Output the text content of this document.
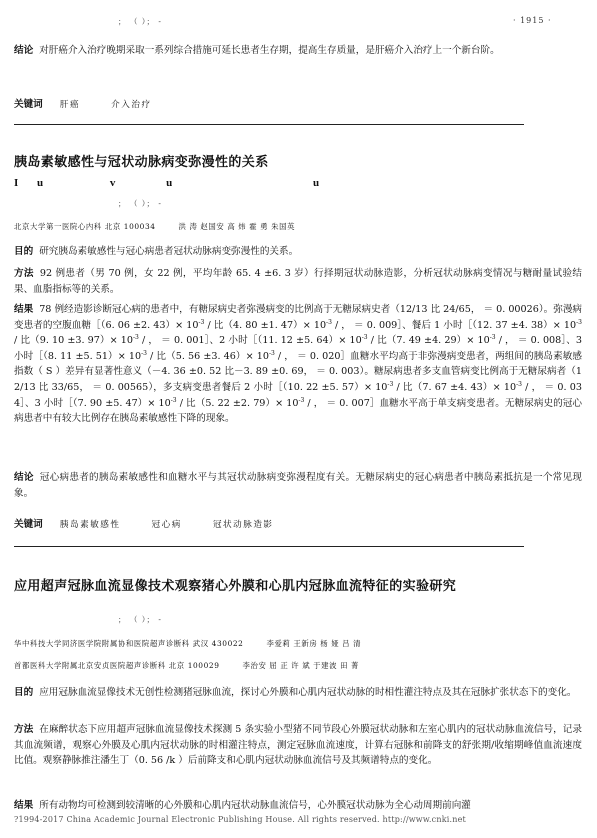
； （ ）； -	· 1915 ·
结论 对肝癌介入治疗晚期采取一系列综合措施可延长患者生存期，提高生存质量，是肝癌介入治疗上一个新台阶。
关键词 肝癌	介入治疗
胰岛素敏感性与冠状动脉病变弥漫性的关系
I u	v	u	u
； （ ）； -
北京大学第一医院心内科 北京 100034	洪 涛 赵国安 高 炜 霍 勇 朱国英
目的 研究胰岛素敏感性与冠心病患者冠状动脉病变弥漫性的关系。
方法 92 例患者（男 70 例，女 22 例，平均年龄 65. 4 ±6. 3 岁）行择期冠状动脉造影，分析冠状动脉病变情况与糖耐量试验结果、血脂指标等的关系。
结果 78 例经造影诊断冠心病的患者中，有糖尿病史者弥漫病变的比例高于无糖尿病史者（12/13 比 24/65， ＝ 0. 00026）。弥漫病变患者的空腹血糖［（6. 06 ±2. $43)\times 10^{-3}$ / 比（4. 80 ±1. $47)\times 10^{-3}$ / ， ＝ 0. 009］、餐后 1 小时［（12. 37 ±4. $38)\times 10^{-3}$ / 比（9. 10 ±3. $97)\times 10^{-3}$ / ， ＝ 0. 001］、2 小时［（11. 12 ±5. $64)\times 10^{-3}$ / 比（7. 49 ±4. $29)\times 10^{-3}$ / ， ＝ 0. 008］、3 小时［（8. 11 ±5. $51)\times 10^{-3}$ / 比（5. 56 ±3. $46)\times 10^{-3}$ / ， ＝ 0. 020］血糖水平均高于非弥漫病变患者，两组间的胰岛素敏感指数（ S ）差异有显著性意义（－4. 36 ±0. 52 比－3. 89 ±0. 69， ＝ 0. 003）。糖尿病患者多支血管病变比例高于无糖尿病者（12/13 比 33/65， ＝ 0. 00565），多支病变患者餐后 2 小时［（10. 22 ±5. $57)\times 10^{-3}$ / 比（7. 67 ±4. $43)\times 10^{-3}$ / ， ＝ 0. 034］、3 小时［（7. 90 ±5. $47)\times 10^{-3}$ / 比（5. 22 ±2. $79)\times 10^{-3}$ / ， ＝ 0. 007］血糖水平高于单支病变患者。无糖尿病史的冠心病患者中有较大比例存在胰岛素敏感性下降的现象。
结论 冠心病患者的胰岛素敏感性和血糖水平与其冠状动脉病变弥漫程度有关。无糖尿病史的冠心病患者中胰岛素抵抗是一个常见现象。
关键词 胰岛素敏感性	冠心病	冠状动脉造影
应用超声冠脉血流显像技术观察猪心外膜和心肌内冠脉血流特征的实验研究
； （ ）； -
华中科技大学同济医学院附属协和医院超声诊断科 武汉 430022	李爱莉 王新房 杨 娅 吕 清
首都医科大学附属北京安贞医院超声诊断科 北京 100029	李治安 屈 正 许 斌 于建波 田 菁
目的 应用冠脉血流显像技术无创性检测猪冠脉血流，探讨心外膜和心肌内冠状动脉的时相性灌注特点及其在冠脉扩张状态下的变化。
方法 在麻醉状态下应用超声冠脉血流显像技术探测 5 条实验小型猪不同节段心外膜冠状动脉和左室心肌内的冠状动脉血流信号，记录其血流频谱，观察心外膜及心肌内冠状动脉的时相灌注特点，测定冠脉血流速度，计算右冠脉和前降支的舒张期/收缩期峰值血流速度比值。观察静脉推注潘生丁（0. 56 /k ）后前降支和心肌内冠状动脉血流信号及其频谱特点的变化。
结果 所有动物均可检测到较清晰的心外膜和心肌内冠状动脉血流信号，心外膜冠状动脉为全心动周期前向灌
?1994-2017 China Academic Journal Electronic Publishing House. All rights reserved. http://www.cnki.net
